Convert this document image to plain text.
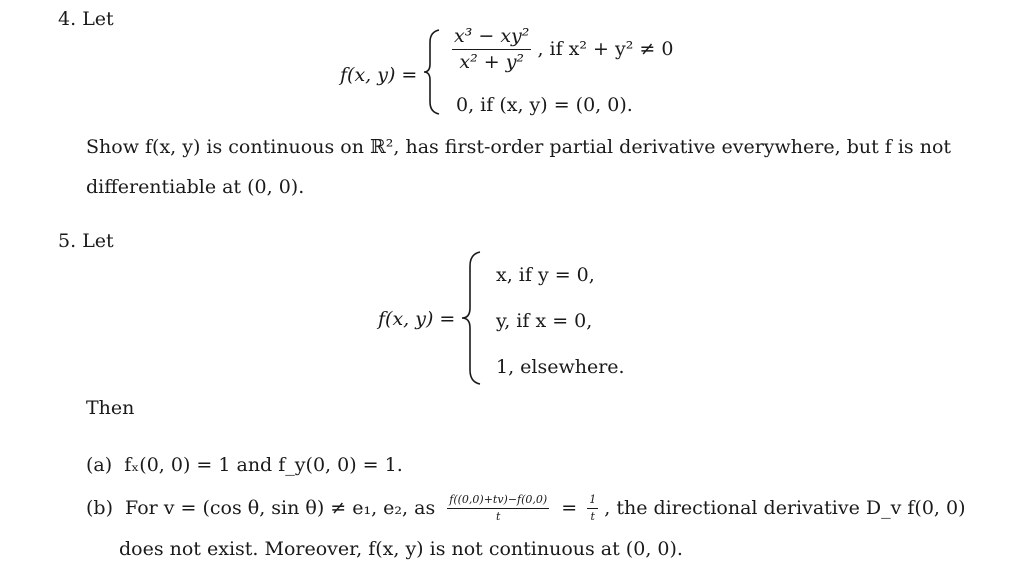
4. Let
f(x, y) =
$\frac{\text{x³ − xy²}}{\text{x² + y²}}$ , if x² + y² ≠ 0
0, if (x, y) = (0, 0).
Show f(x, y) is continuous on ℝ², has first-order partial derivative everywhere, but f is not
differentiable at (0, 0).
5. Let
f(x, y) =
x, if y = 0,
y, if x = 0,
1, elsewhere.
Then
(a) fₓ(0, 0) = 1 and f_y(0, 0) = 1.
(b) For v = (cos θ, sin θ) ≠ e₁, e₂, as $\frac{f((0,0)+tv)-f(0,0)}{t} = \frac{1}{t}$ , the directional derivative D_v f(0, 0)
does not exist. Moreover, f(x, y) is not continuous at (0, 0).
